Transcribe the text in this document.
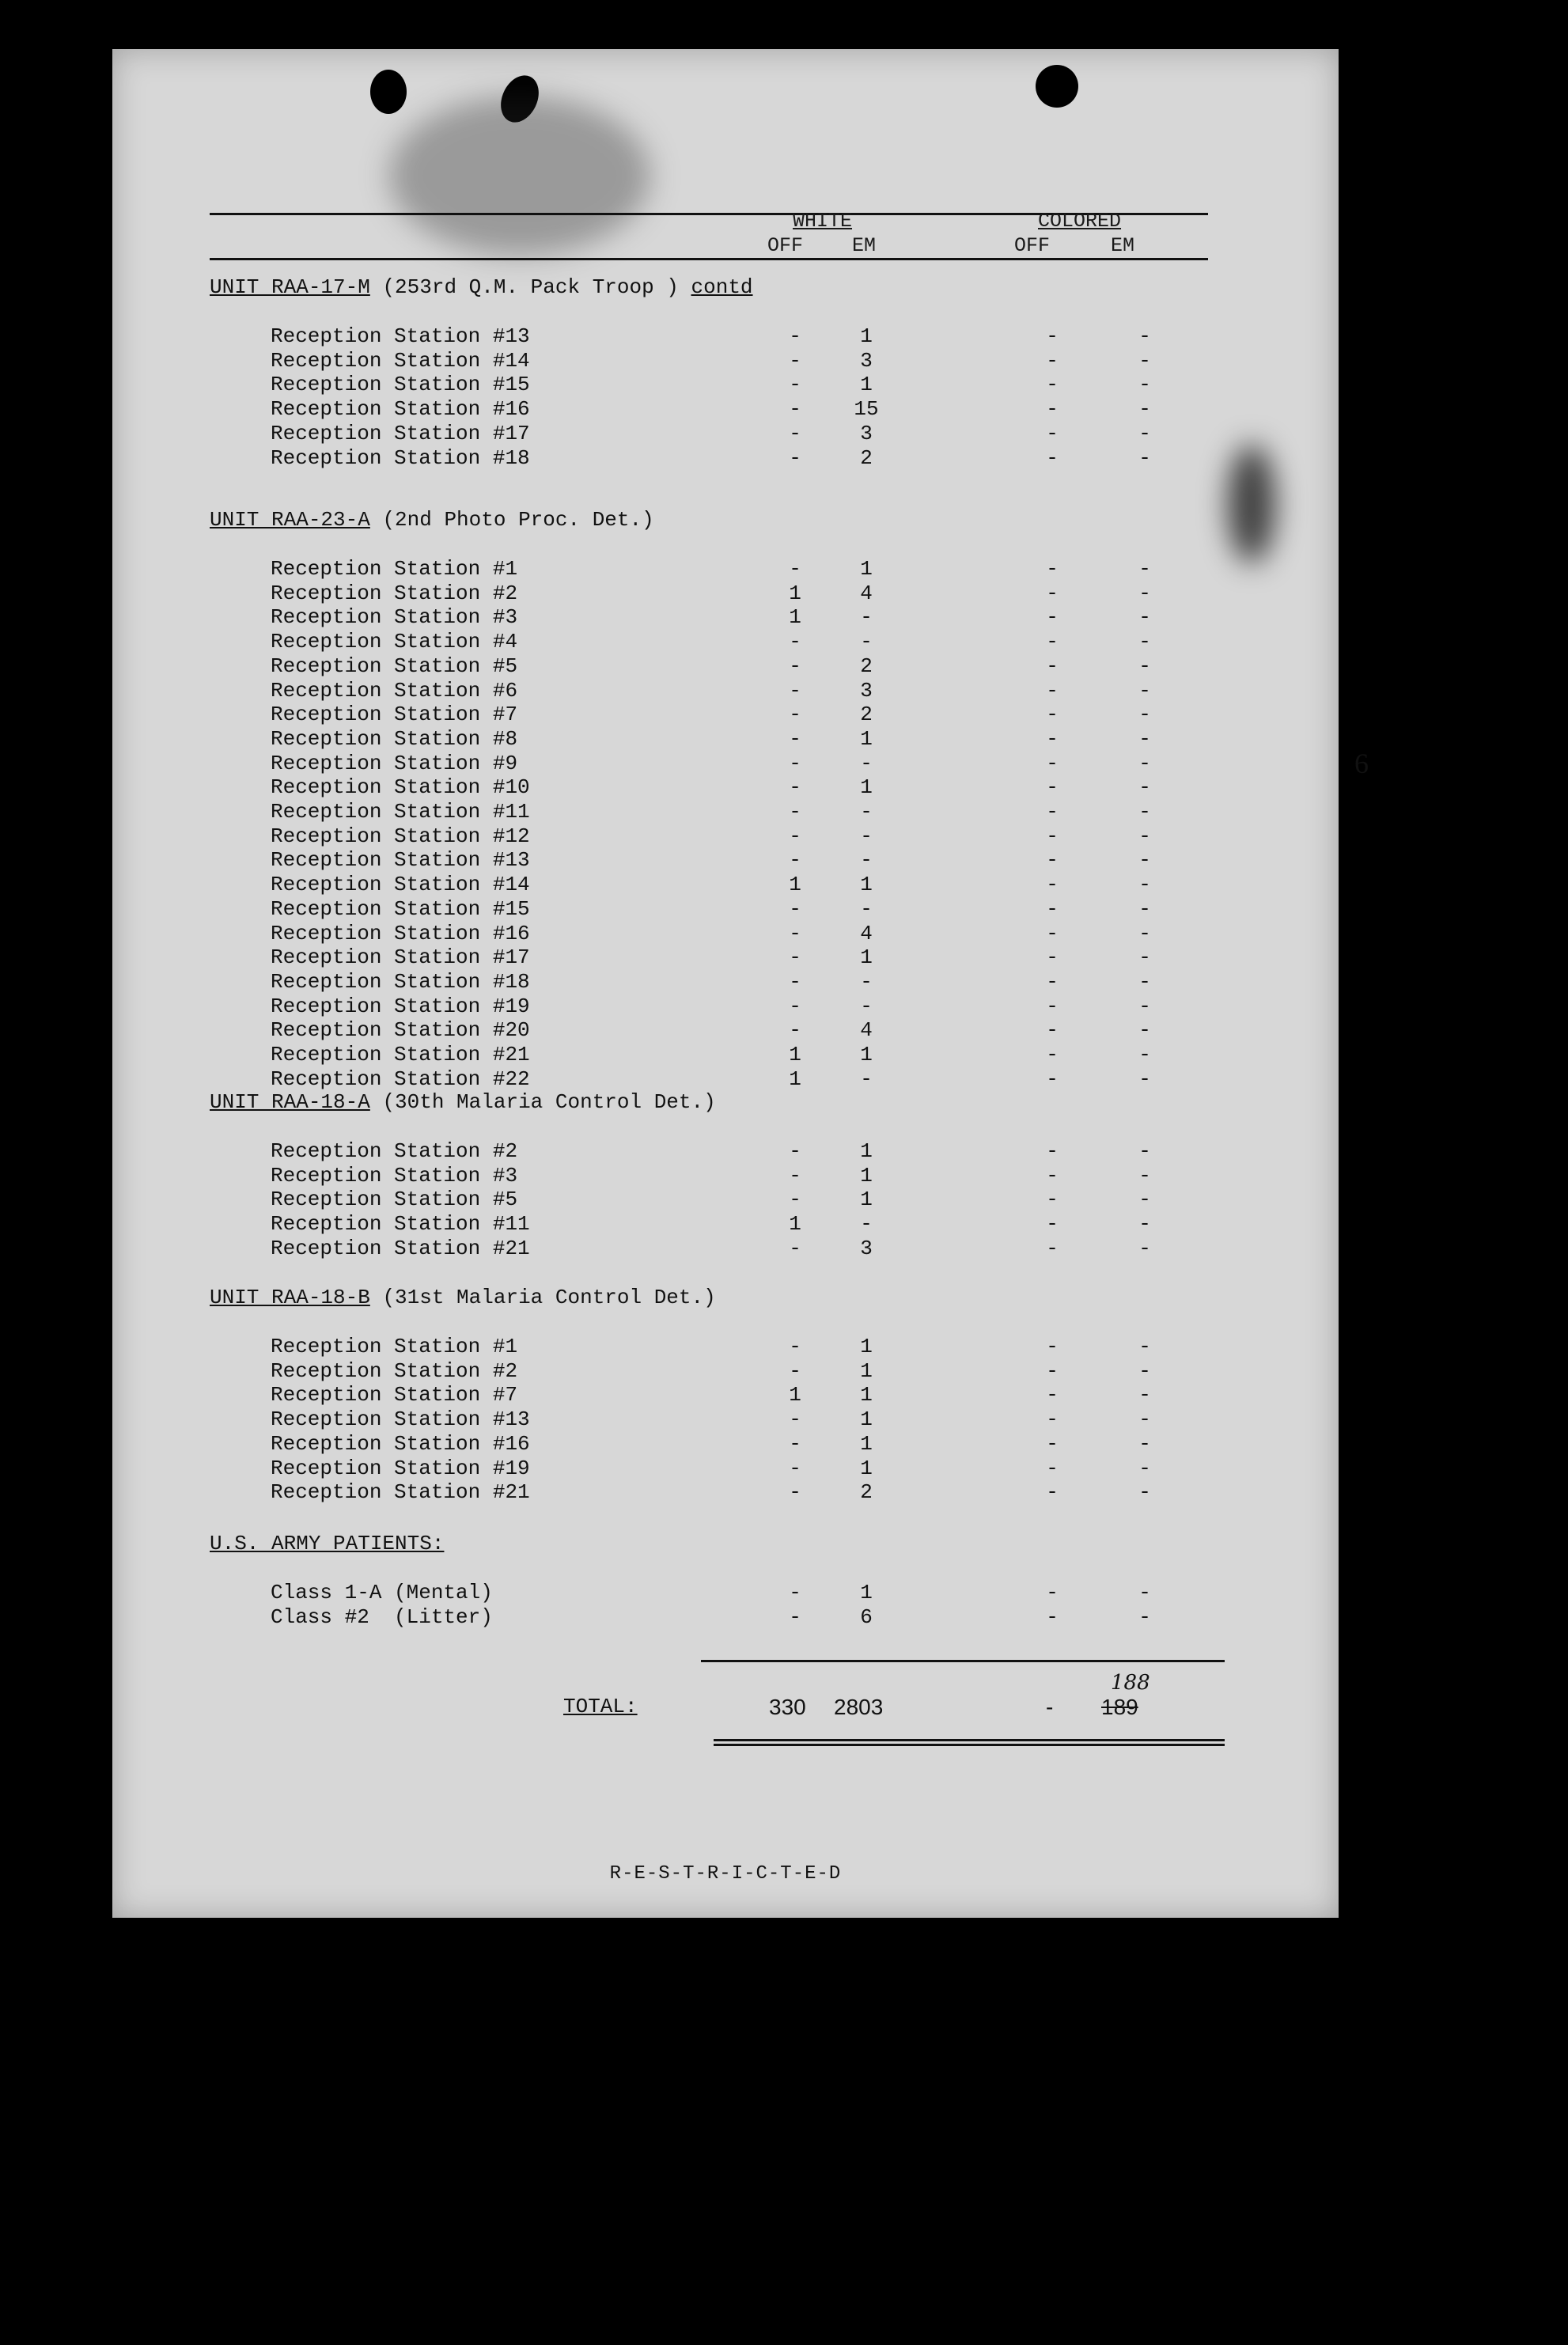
WHITE
OFF EM
COLORED
OFF	EM
UNIT RAA-17-M (253rd Q.M. Pack Troop ) contd
Reception Station #13	-	1	-	-
Reception Station #14	-	3	-	-
Reception Station #15	-	1	-	-
Reception Station #16	-	15	-	-
Reception Station #17	-	3	-	-
Reception Station #18	-	2	-	-
UNIT RAA-23-A (2nd Photo Proc. Det.)
Reception Station #1	-	1	-	-
Reception Station #2	1	4	-	-
Reception Station #3	1	-	-	-
Reception Station #4	-	-	-	-
Reception Station #5	-	2	-	-
Reception Station #6	-	3	-	-
Reception Station #7	-	2	-	-
Reception Station #8	-	1	-	-
Reception Station #9	-	-	-	-
Reception Station #10	-	1	-	-
Reception Station #11	-	-	-	-
Reception Station #12	-	-	-	-
Reception Station #13	-	-	-	-
Reception Station #14	1	1	-	-
Reception Station #15	-	-	-	-
Reception Station #16	-	4	-	-
Reception Station #17	-	1	-	-
Reception Station #18	-	-	-	-
Reception Station #19	-	-	-	-
Reception Station #20	-	4	-	-
Reception Station #21	1	1	-	-
Reception Station #22	1	-	-	-
UNIT RAA-18-A (30th Malaria Control Det.)
Reception Station #2	-	1	-	-
Reception Station #3	-	1	-	-
Reception Station #5	-	1	-	-
Reception Station #11	1	-	-	-
Reception Station #21	-	3	-	-
UNIT RAA-18-B (31st Malaria Control Det.)
Reception Station #1	-	1	-	-
Reception Station #2	-	1	-	-
Reception Station #7	1	1	-	-
Reception Station #13	-	1	-	-
Reception Station #16	-	1	-	-
Reception Station #19	-	1	-	-
Reception Station #21	-	2	-	-
U.S. ARMY PATIENTS:
Class 1-A (Mental)	-	1	-	-
Class #2  (Litter)	-	6	-	-
TOTAL:	330 2803	- 189
188
R-E-S-T-R-I-C-T-E-D
6
